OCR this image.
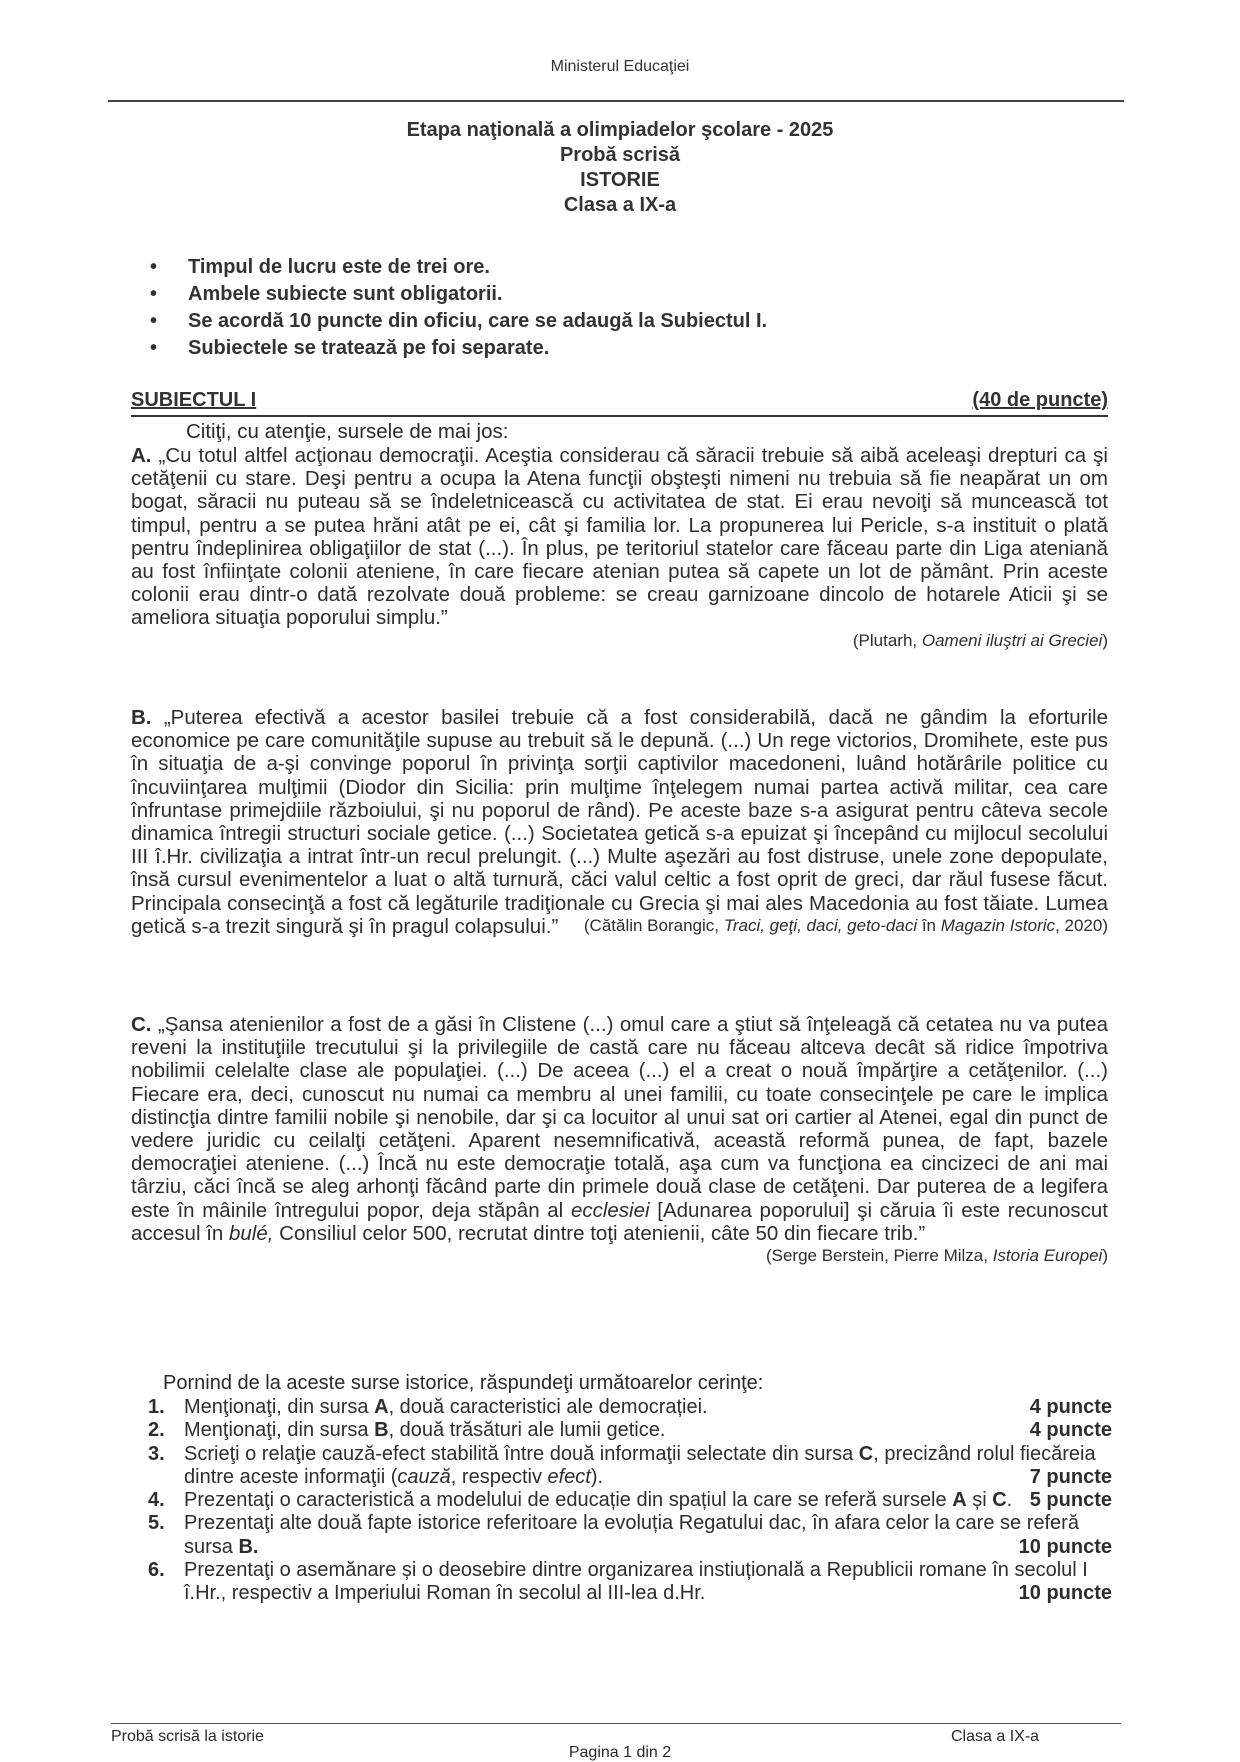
Ministerul Educaţiei
Etapa naţională a olimpiadelor şcolare - 2025
Probă scrisă
ISTORIE
Clasa a IX-a
• Timpul de lucru este de trei ore.
• Ambele subiecte sunt obligatorii.
• Se acordă 10 puncte din oficiu, care se adaugă la Subiectul I.
• Subiectele se tratează pe foi separate.
SUBIECTUL I	(40 de puncte)
Citiţi, cu atenţie, sursele de mai jos:
A. „Cu totul altfel acţionau democraţii. Aceştia considerau că săracii trebuie să aibă aceleaşi drepturi ca şi cetăţenii cu stare. Deşi pentru a ocupa la Atena funcţii obşteşti nimeni nu trebuia să fie neapărat un om bogat, săracii nu puteau să se îndeletnicească cu activitatea de stat. Ei erau nevoiţi să muncească tot timpul, pentru a se putea hrăni atât pe ei, cât şi familia lor. La propunerea lui Pericle, s-a instituit o plată pentru îndeplinirea obligaţiilor de stat (...). În plus, pe teritoriul statelor care făceau parte din Liga ateniană au fost înfiinţate colonii ateniene, în care fiecare atenian putea să capete un lot de pământ. Prin aceste colonii erau dintr-o dată rezolvate două probleme: se creau garnizoane dincolo de hotarele Aticii şi se ameliora situaţia poporului simplu.”
(Plutarh, Oameni iluştri ai Greciei)
B. „Puterea efectivă a acestor basilei trebuie că a fost considerabilă, dacă ne gândim la eforturile economice pe care comunităţile supuse au trebuit să le depună. (...) Un rege victorios, Dromihete, este pus în situaţia de a-şi convinge poporul în privinţa sorţii captivilor macedoneni, luând hotărârile politice cu încuviinţarea mulţimii (Diodor din Sicilia: prin mulţime înţelegem numai partea activă militar, cea care înfruntase primejdiile războiului, şi nu poporul de rând). Pe aceste baze s-a asigurat pentru câteva secole dinamica întregii structuri sociale getice. (...) Societatea getică s-a epuizat şi începând cu mijlocul secolului III î.Hr. civilizaţia a intrat într-un recul prelungit. (...) Multe aşezări au fost distruse, unele zone depopulate, însă cursul evenimentelor a luat o altă turnură, căci valul celtic a fost oprit de greci, dar răul fusese făcut. Principala consecinţă a fost că legăturile tradiţionale cu Grecia şi mai ales Macedonia au fost tăiate. Lumea getică s-a trezit singură şi în pragul colapsului.”	(Cătălin Borangic, Traci, geţi, daci, geto-daci în Magazin Istoric, 2020)
C. „Şansa atenienilor a fost de a găsi în Clistene (...) omul care a ştiut să înţeleagă că cetatea nu va putea reveni la instituţiile trecutului şi la privilegiile de castă care nu făceau altceva decât să ridice împotriva nobilimii celelalte clase ale populaţiei. (...) De aceea (...) el a creat o nouă împărţire a cetăţenilor. (...) Fiecare era, deci, cunoscut nu numai ca membru al unei familii, cu toate consecinţele pe care le implica distincţia dintre familii nobile şi nenobile, dar şi ca locuitor al unui sat ori cartier al Atenei, egal din punct de vedere juridic cu ceilalţi cetăţeni. Aparent nesemnificativă, această reformă punea, de fapt, bazele democraţiei ateniene. (...) Încă nu este democraţie totală, aşa cum va funcţiona ea cincizeci de ani mai târziu, căci încă se aleg arhonţi făcând parte din primele două clase de cetăţeni. Dar puterea de a legifera este în mâinile întregului popor, deja stăpân al ecclesiei [Adunarea poporului] şi căruia îi este recunoscut accesul în bulé, Consiliul celor 500, recrutat dintre toţi atenienii, câte 50 din fiecare trib.”
(Serge Berstein, Pierre Milza, Istoria Europei)
Pornind de la aceste surse istorice, răspundeţi următoarelor cerinţe:
1. Menţionaţi, din sursa A, două caracteristici ale democrației.	4 puncte
2. Menţionaţi, din sursa B, două trăsături ale lumii getice.	4 puncte
3. Scrieţi o relaţie cauză-efect stabilită între două informaţii selectate din sursa C, precizând rolul fiecăreia dintre aceste informaţii (cauză, respectiv efect).	7 puncte
4. Prezentaţi o caracteristică a modelului de educație din spațiul la care se referă sursele A și C. 5 puncte
5. Prezentaţi alte două fapte istorice referitoare la evoluția Regatului dac, în afara celor la care se referă sursa B.	10 puncte
6. Prezentaţi o asemănare și o deosebire dintre organizarea instiuțională a Republicii romane în secolul I î.Hr., respectiv a Imperiului Roman în secolul al III-lea d.Hr.	10 puncte
Probă scrisă la istorie	Clasa a IX-a
Pagina 1 din 2
